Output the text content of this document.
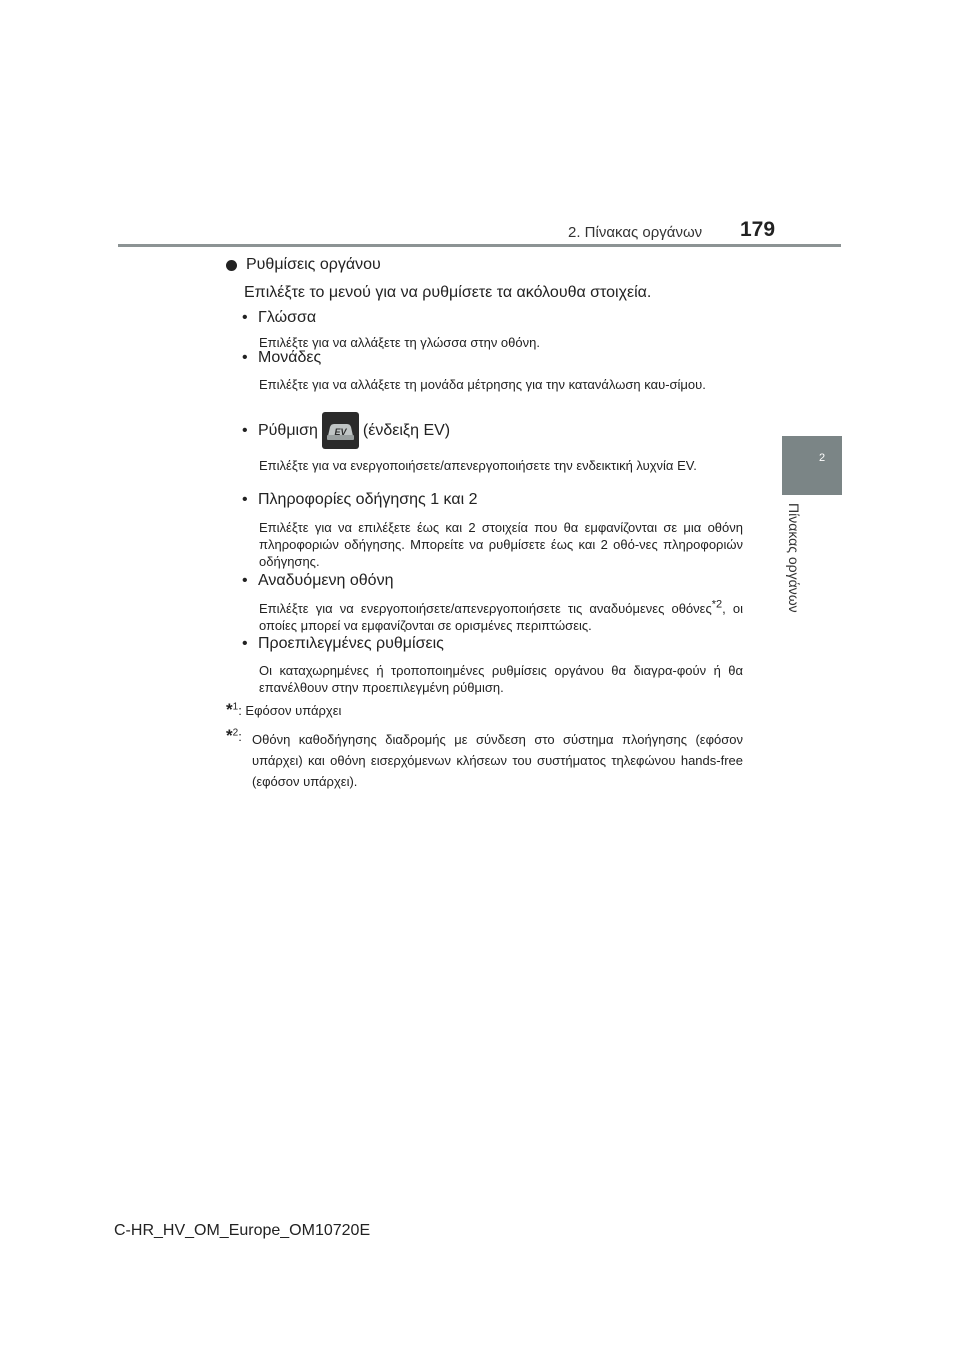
2. Πίνακας οργάνων 179
2
Πίνακας οργάνων
Ρυθμίσεις οργάνου
Επιλέξτε το μενού για να ρυθμίσετε τα ακόλουθα στοιχεία.
• Γλώσσα
Επιλέξτε για να αλλάξετε τη γλώσσα στην οθόνη.
• Μονάδες
Επιλέξτε για να αλλάξετε τη μονάδα μέτρησης για την κατανάλωση καυ-σίμου.
• Ρύθμιση EV (ένδειξη EV)
Επιλέξτε για να ενεργοποιήσετε/απενεργοποιήσετε την ενδεικτική λυχνία EV.
• Πληροφορίες οδήγησης 1 και 2
Επιλέξτε για να επιλέξετε έως και 2 στοιχεία που θα εμφανίζονται σε μια οθόνη πληροφοριών οδήγησης. Μπορείτε να ρυθμίσετε έως και 2 οθό-νες πληροφοριών οδήγησης.
• Αναδυόμενη οθόνη
Επιλέξτε για να ενεργοποιήσετε/απενεργοποιήσετε τις αναδυόμενες οθόνες$^{*2}$, οι οποίες μπορεί να εμφανίζονται σε ορισμένες περιπτώσεις.
• Προεπιλεγμένες ρυθμίσεις
Οι καταχωρημένες ή τροποποιημένες ρυθμίσεις οργάνου θα διαγρα-φούν ή θα επανέλθουν στην προεπιλεγμένη ρύθμιση.
*$^1$: Εφόσον υπάρχει
*$^2$: Οθόνη καθοδήγησης διαδρομής με σύνδεση στο σύστημα πλοήγησης (εφόσον υπάρχει) και οθόνη εισερχόμενων κλήσεων του συστήματος τηλεφώνου hands-free (εφόσον υπάρχει).
C-HR_HV_OM_Europe_OM10720E
